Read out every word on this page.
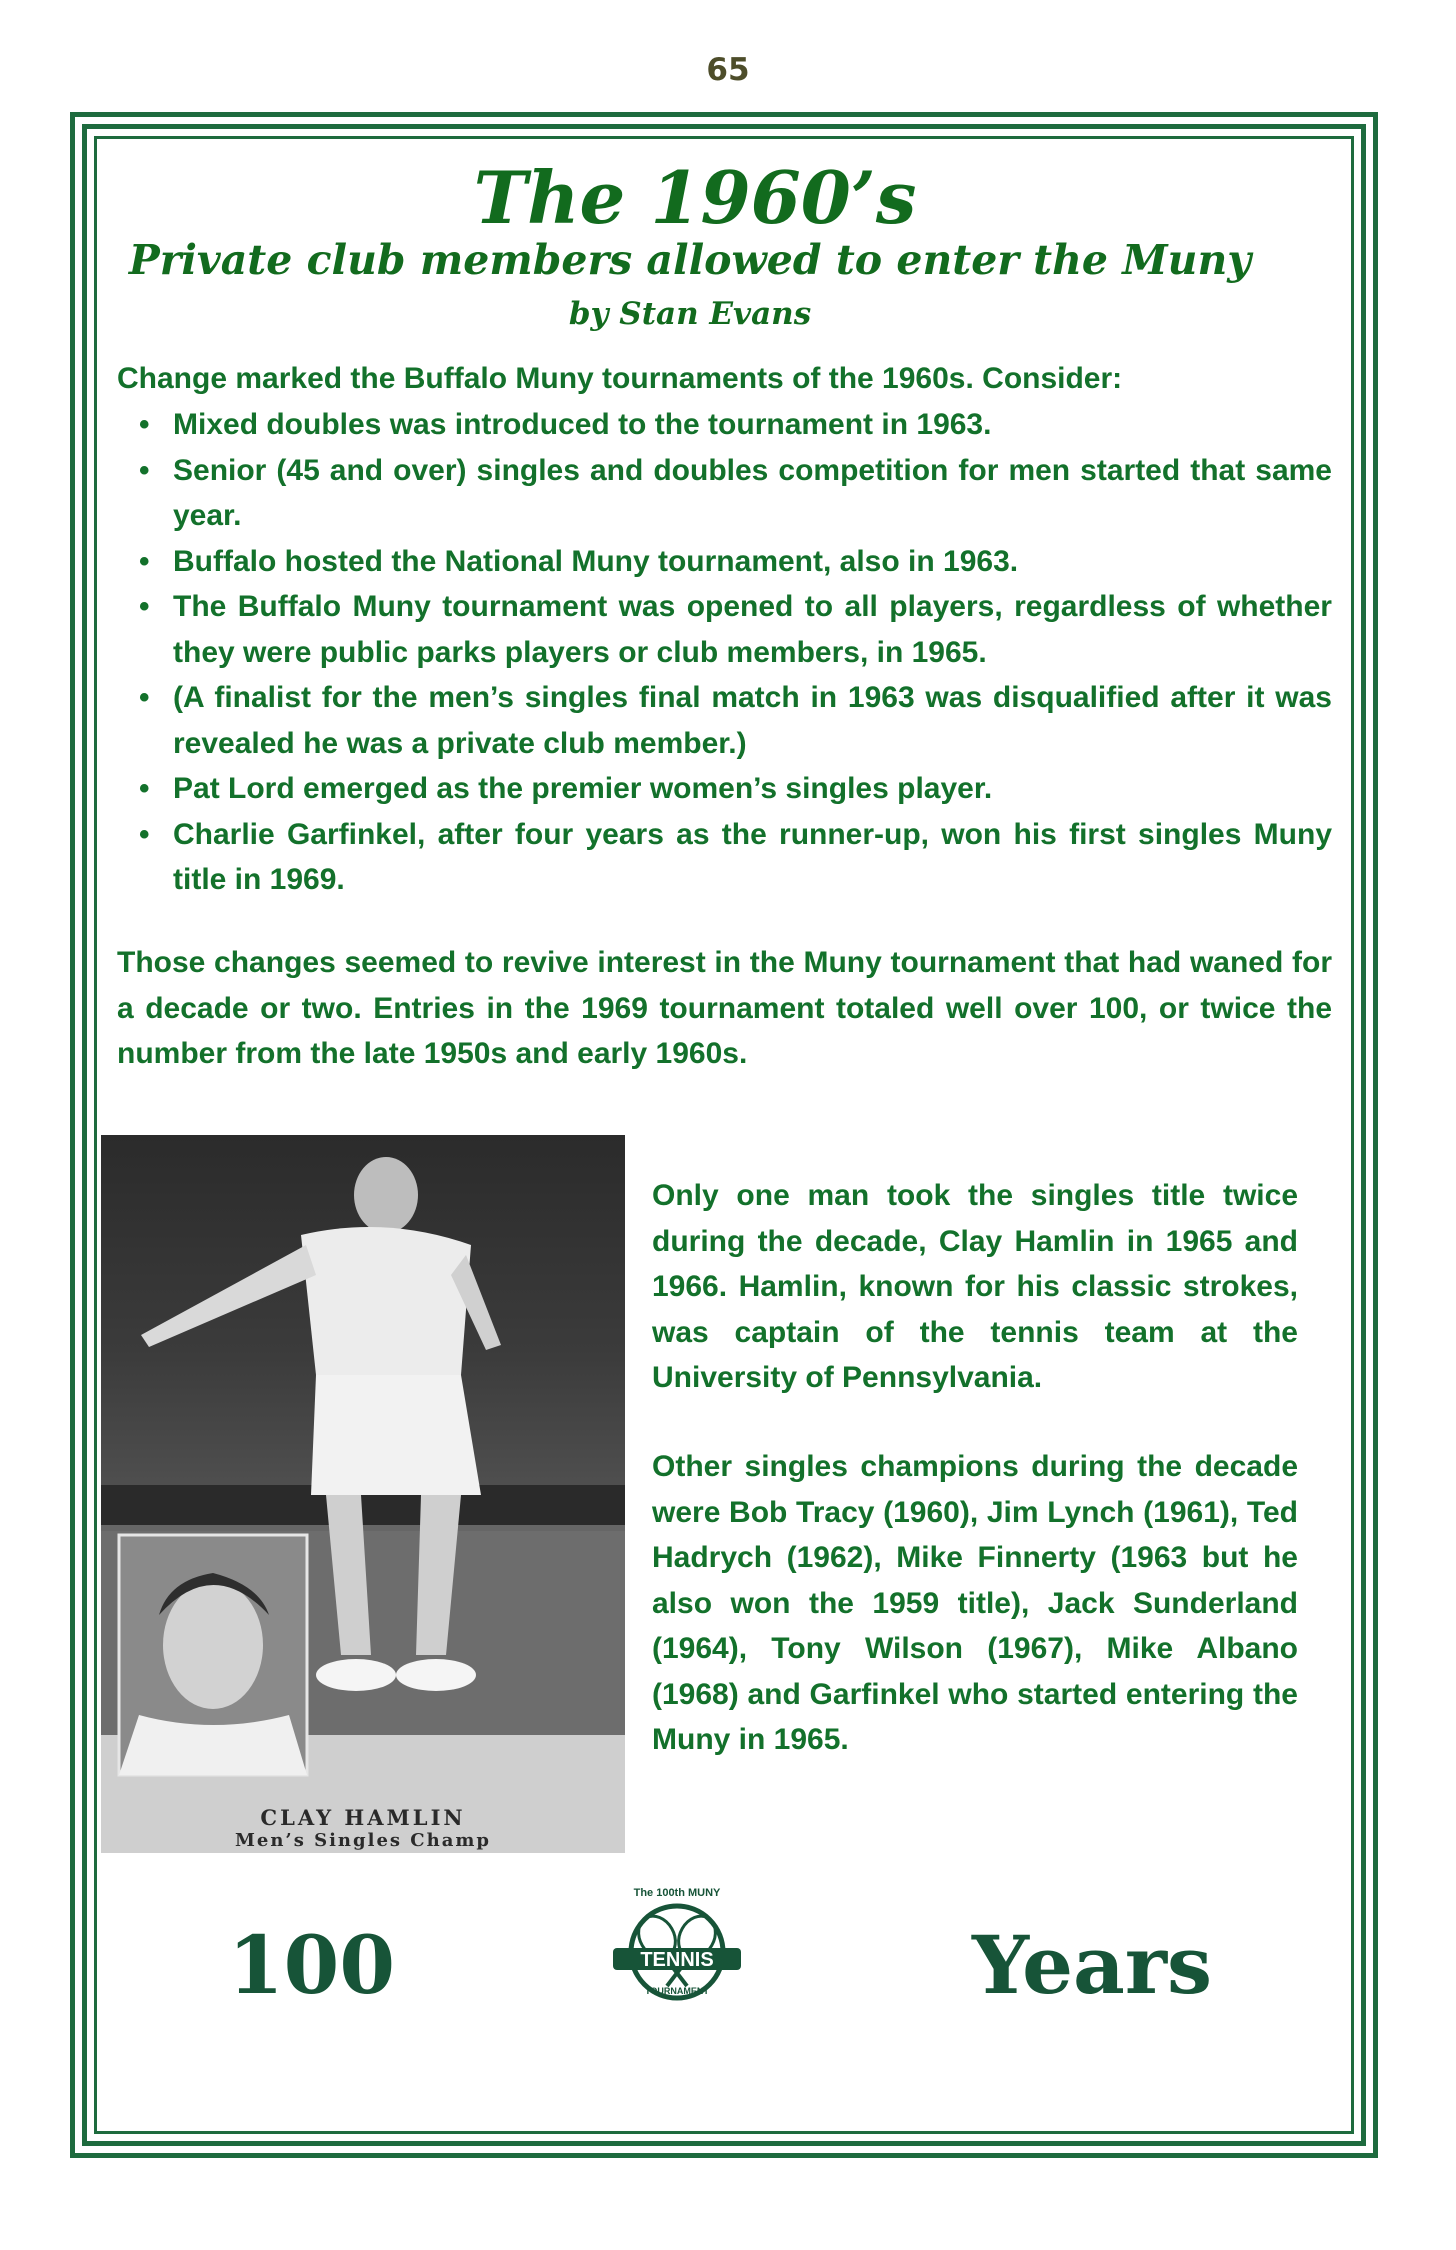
65
The 1960’s
Private club members allowed to enter the Muny
by Stan Evans
Change marked the Buffalo Muny tournaments of the 1960s. Consider:
• Mixed doubles was introduced to the tournament in 1963.
• Senior (45 and over) singles and doubles competition for men started that same year.
• Buffalo hosted the National Muny tournament, also in 1963.
• The Buffalo Muny tournament was opened to all players, regardless of whether they were public parks players or club members, in 1965.
• (A finalist for the men’s singles final match in 1963 was disqualified after it was revealed he was a private club member.)
• Pat Lord emerged as the premier women’s singles player.
• Charlie Garfinkel, after four years as the runner-up, won his first singles Muny title in 1969.

Those changes seemed to revive interest in the Muny tournament that had waned for a decade or two. Entries in the 1969 tournament totaled well over 100, or twice the number from the late 1950s and early 1960s.

CLAY HAMLIN
Men’s Singles Champ

Only one man took the singles title twice during the decade, Clay Hamlin in 1965 and 1966. Hamlin, known for his classic strokes, was captain of the tennis team at the University of Pennsylvania.

Other singles champions during the decade were Bob Tracy (1960), Jim Lynch (1961), Ted Hadrych (1962), Mike Finnerty (1963 but he also won the 1959 title), Jack Sunderland (1964), Tony Wilson (1967), Mike Albano (1968) and Garfinkel who started entering the Muny in 1965.

100
The 100th MUNY
TENNIS
TOURNAMENT	Years
